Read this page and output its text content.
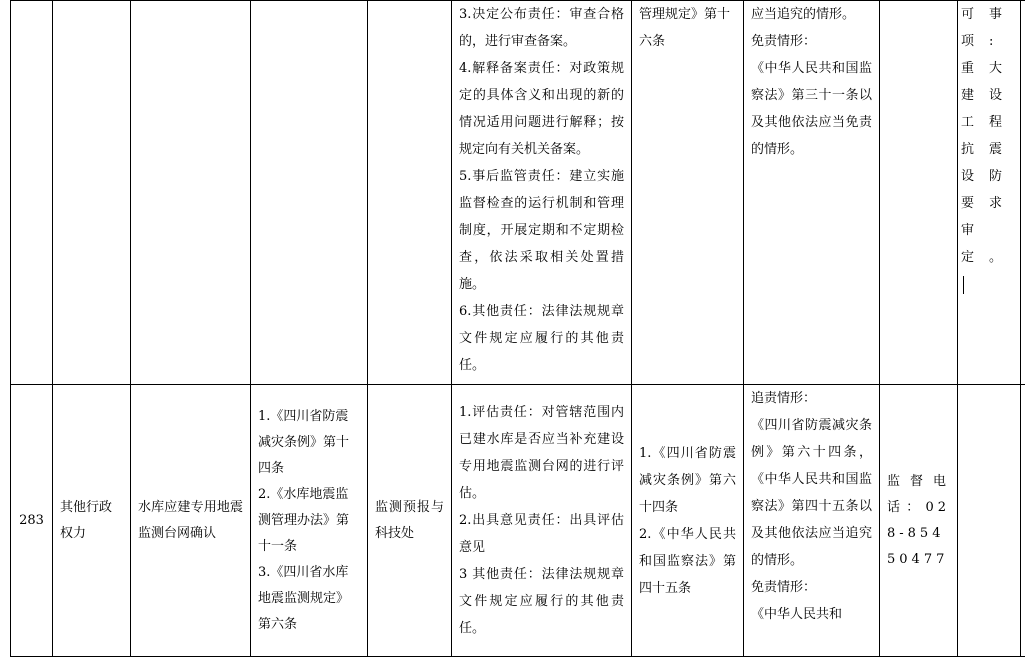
					3.决定公布责任：审查合格的，进行审查备案。
4.解释备案责任：对政策规定的具体含义和出现的新的情况适用问题进行解释；按规定向有关机关备案。
5.事后监管责任：建立实施监督检查的运行机制和管理制度，开展定期和不定期检查，依法采取相关处置措施。
6.其他责任：法律法规规章文件规定应履行的其他责任。	管理规定》第十六条	应当追究的情形。
免责情形：
《中华人民共和国监察法》第三十一条以及其他依法应当免责的情形。		可事项:重大建设工程抗震设防要求审定。	
283	其他行政权力	水库应建专用地震监测台网确认	1.《四川省防震减灾条例》第十四条
2.《水库地震监测管理办法》第十一条
3.《四川省水库地震监测规定》第六条	监测预报与科技处	1.评估责任：对管辖范围内已建水库是否应当补充建设专用地震监测台网的进行评估。
2.出具意见责任：出具评估意见
3 其他责任：法律法规规章文件规定应履行的其他责任。	1.《四川省防震减灾条例》第六十四条
2.《中华人民共和国监察法》第四十五条	追责情形：
《四川省防震减灾条例》第六十四条，《中华人民共和国监察法》第四十五条以及其他依法应当追究的情形。
免责情形：
《中华人民共和	监督电话：028-85450477		
